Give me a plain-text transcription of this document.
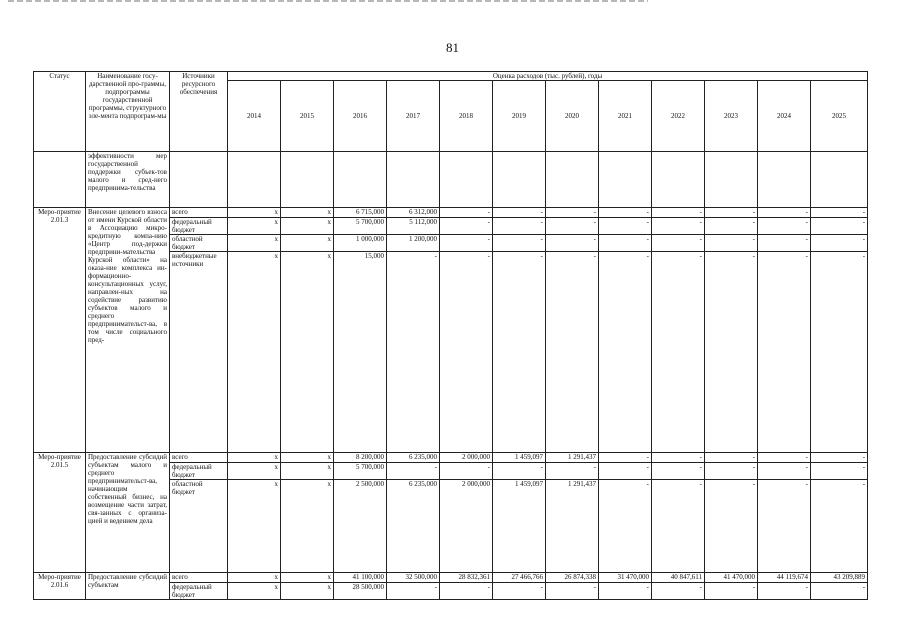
81
Статус	Наименование госу-дарственной про-граммы, подпрограммы государственной программы, структурного эле-мента подпрограм-мы	Источники ресурсного обеспечения	Оценка расходов (тыс. рублей), годы											
			2014	2015	2016	2017	2018	2019	2020	2021	2022	2023	2024	2025
	эффективности мер государственной поддержки субъек-тов малого и сред-него предпринима-тельства													
Меро-приятие 2.01.3	Внесение целевого взноса от имени Курской области в Ассоциацию микро-кредитную компа-нию «Центр под-держки предприни-мательства Курской области» на оказа-ние комплекса ин-формационно-консультационных услуг, направлен-ных на содействие развитию субъектов малого и среднего предпринимательст-ва, в том числе социального пред-	всего	x	x	6 715,000	6 312,000	-	-	-	-	-	-	-	-
		федеральный бюджет	x	x	5 700,000	5 112,000	-	-	-	-	-	-	-	-
		областной бюджет	x	x	1 000,000	1 200,000	-	-	-	-	-	-	-	-
		внебюджетные источники	x	x	15,000	-	-	-	-	-	-	-	-	-
Меро-приятие 2.01.5	Предоставление субсидий субъектам малого и среднего предпринимательст-ва, начинающим собственный бизнес, на возмещение части затрат, свя-занных с организа-цией и ведением дела	всего	x	x	8 200,000	6 235,000	2 000,000	1 459,097	1 291,437	-	-	-	-	-
		федеральный бюджет	x	x	5 700,000	-	-	-	-	-	-	-	-	-
		областной бюджет	x	x	2 500,000	6 235,000	2 000,000	1 459,097	1 291,437	-	-	-	-	-
Меро-приятие 2.01.6	Предоставление субсидий субъектам	всего	x	x	41 100,000	32 500,000	28 832,361	27 466,766	26 874,338	31 470,000	40 847,611	41 470,000	44 119,674	43 209,889
		федеральный бюджет	x	x	28 500,000	-	-	-	-	-	-	-	-	-
